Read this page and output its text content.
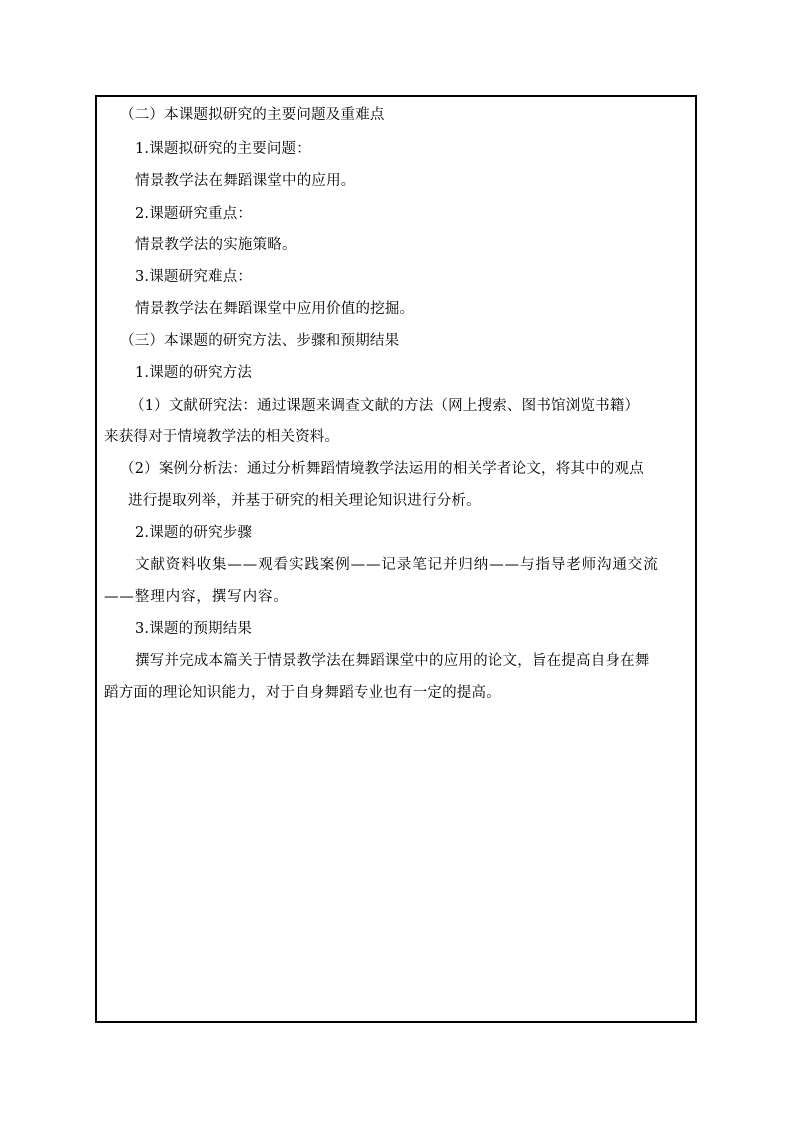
（二）本课题拟研究的主要问题及重难点
1.课题拟研究的主要问题：
情景教学法在舞蹈课堂中的应用。
2.课题研究重点：
情景教学法的实施策略。
3.课题研究难点：
情景教学法在舞蹈课堂中应用价值的挖掘。
（三）本课题的研究方法、步骤和预期结果
1.课题的研究方法
（1）文献研究法：通过课题来调查文献的方法（网上搜索、图书馆浏览书籍）
来获得对于情境教学法的相关资料。
（2）案例分析法：通过分析舞蹈情境教学法运用的相关学者论文，将其中的观点
进行提取列举，并基于研究的相关理论知识进行分析。
2.课题的研究步骤
文献资料收集——观看实践案例——记录笔记并归纳——与指导老师沟通交流
——整理内容，撰写内容。
3.课题的预期结果
撰写并完成本篇关于情景教学法在舞蹈课堂中的应用的论文，旨在提高自身在舞
蹈方面的理论知识能力，对于自身舞蹈专业也有一定的提高。
